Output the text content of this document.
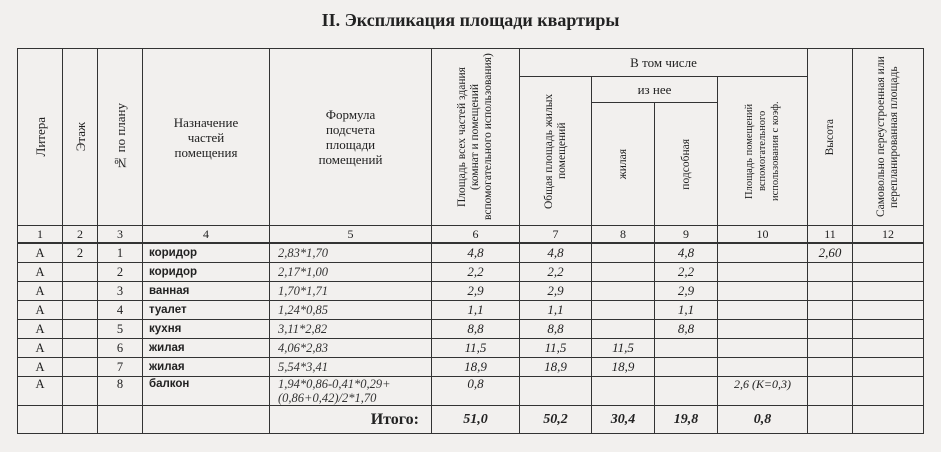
II. Экспликация площади квартиры
Литера	Этаж	№ по плану	Назначение частей помещения	Формула подсчета площади помещений	Площадь всех частей здания (комнат и помещений вспомогательного использования)	В том числе				Высота	Самовольно переустроенная или перепланированная площадь

						Общая площадь жилых помещений	из нее		Площадь помещений вспомогательного использования с коэф.		

							жилая	подсобная			

1	2	3	4	5	6	7	8	9	10	11	12
А	2	1	коридор	2,83*1,70	4,8	4,8		4,8		2,60	
А		2	коридор	2,17*1,00	2,2	2,2		2,2			
А		3	ванная	1,70*1,71	2,9	2,9		2,9			
А		4	туалет	1,24*0,85	1,1	1,1		1,1			
А		5	кухня	3,11*2,82	8,8	8,8		8,8			
А		6	жилая	4,06*2,83	11,5	11,5	11,5				
А		7	жилая	5,54*3,41	18,9	18,9	18,9				
А		8	балкон	1,94*0,86-0,41*0,29+
(0,86+0,42)/2*1,70	0,8				2,6 (К=0,3)		
				Итого:	51,0	50,2	30,4	19,8	0,8		
